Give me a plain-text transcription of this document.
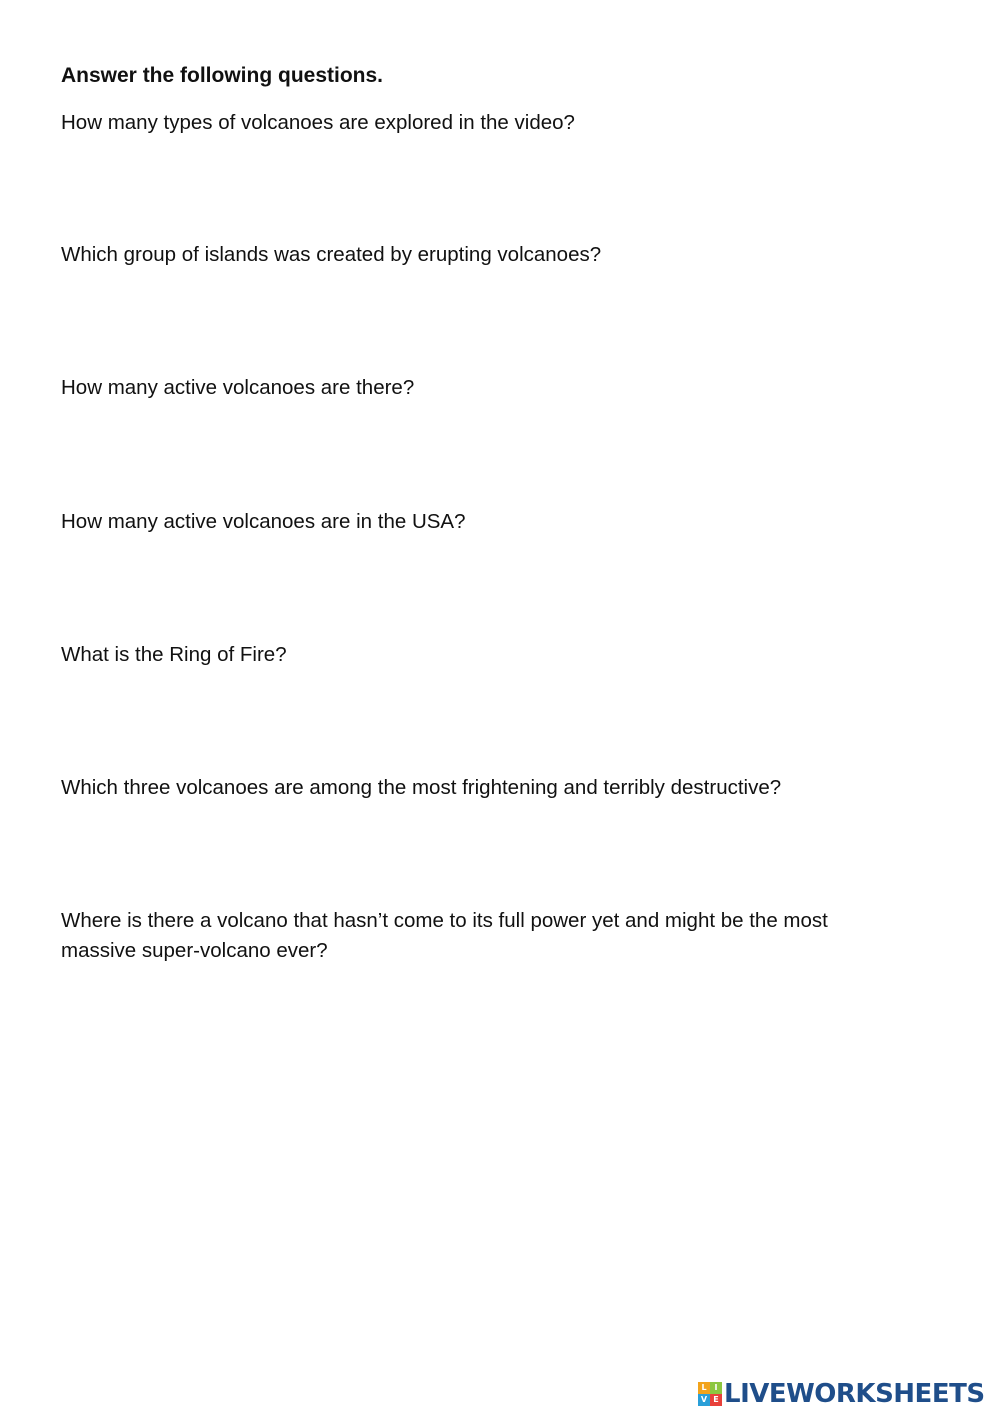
Answer the following questions.

How many types of volcanoes are explored in the video?

Which group of islands was created by erupting volcanoes?

How many active volcanoes are there?

How many active volcanoes are in the USA?

What is the Ring of Fire?

Which three volcanoes are among the most frightening and terribly destructive?

Where is there a volcano that hasn’t come to its full power yet and might be the most massive super-volcano ever?

L I
V E LIVEWORKSHEETS
